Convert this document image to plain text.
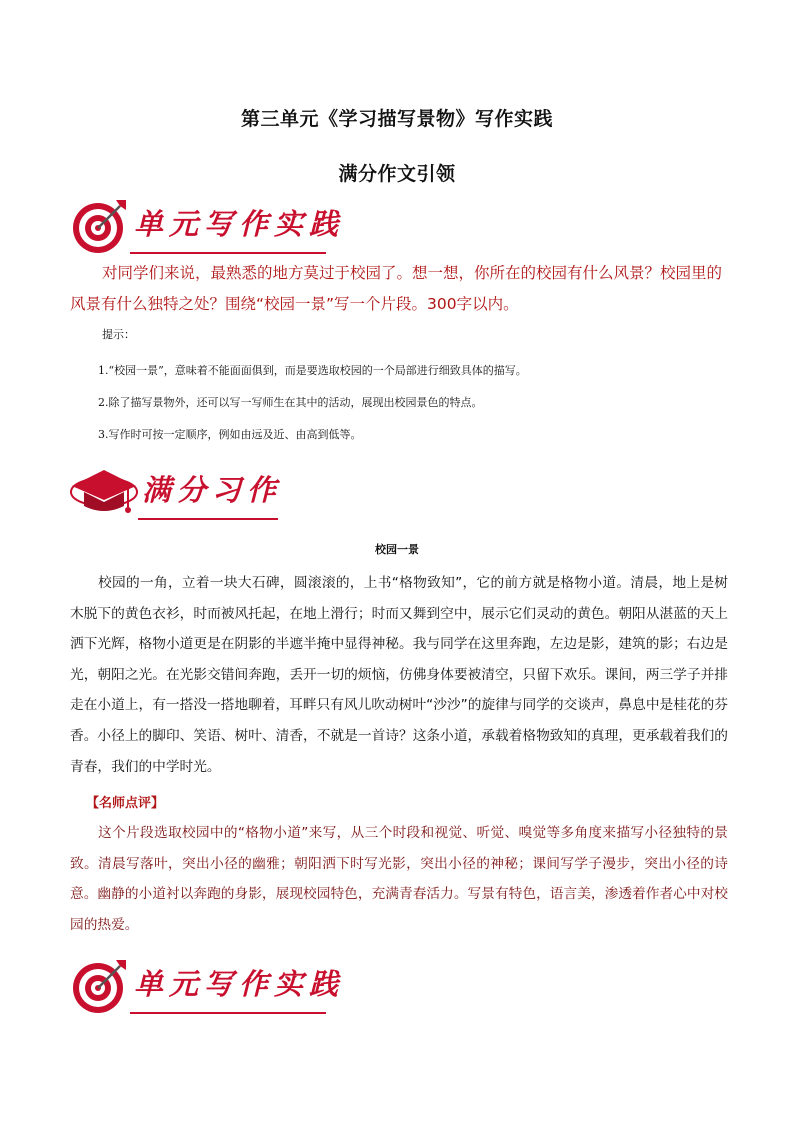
第三单元《学习描写景物》写作实践
满分作文引领
单元写作实践

对同学们来说，最熟悉的地方莫过于校园了。想一想，你所在的校园有什么风景？校园里的风景有什么独特之处？围绕“校园一景”写一个片段。300字以内。

提示：
1.“校园一景”，意味着不能面面俱到，而是要选取校园的一个局部进行细致具体的描写。
2.除了描写景物外，还可以写一写师生在其中的活动，展现出校园景色的特点。
3.写作时可按一定顺序，例如由远及近、由高到低等。
满分习作
校园一景

校园的一角，立着一块大石碑，圆滚滚的，上书“格物致知”，它的前方就是格物小道。清晨，地上是树木脱下的黄色衣衫，时而被风托起，在地上滑行；时而又舞到空中，展示它们灵动的黄色。朝阳从湛蓝的天上洒下光辉，格物小道更是在阴影的半遮半掩中显得神秘。我与同学在这里奔跑，左边是影，建筑的影；右边是光，朝阳之光。在光影交错间奔跑，丢开一切的烦恼，仿佛身体要被清空，只留下欢乐。课间，两三学子并排走在小道上，有一搭没一搭地聊着，耳畔只有风儿吹动树叶“沙沙”的旋律与同学的交谈声，鼻息中是桂花的芬香。小径上的脚印、笑语、树叶、清香，不就是一首诗？这条小道，承载着格物致知的真理，更承载着我们的青春，我们的中学时光。

【名师点评】

这个片段选取校园中的“格物小道”来写，从三个时段和视觉、听觉、嗅觉等多角度来描写小径独特的景致。清晨写落叶，突出小径的幽雅；朝阳洒下时写光影，突出小径的神秘；课间写学子漫步，突出小径的诗意。幽静的小道衬以奔跑的身影，展现校园特色，充满青春活力。写景有特色，语言美，渗透着作者心中对校园的热爱。

单元写作实践
